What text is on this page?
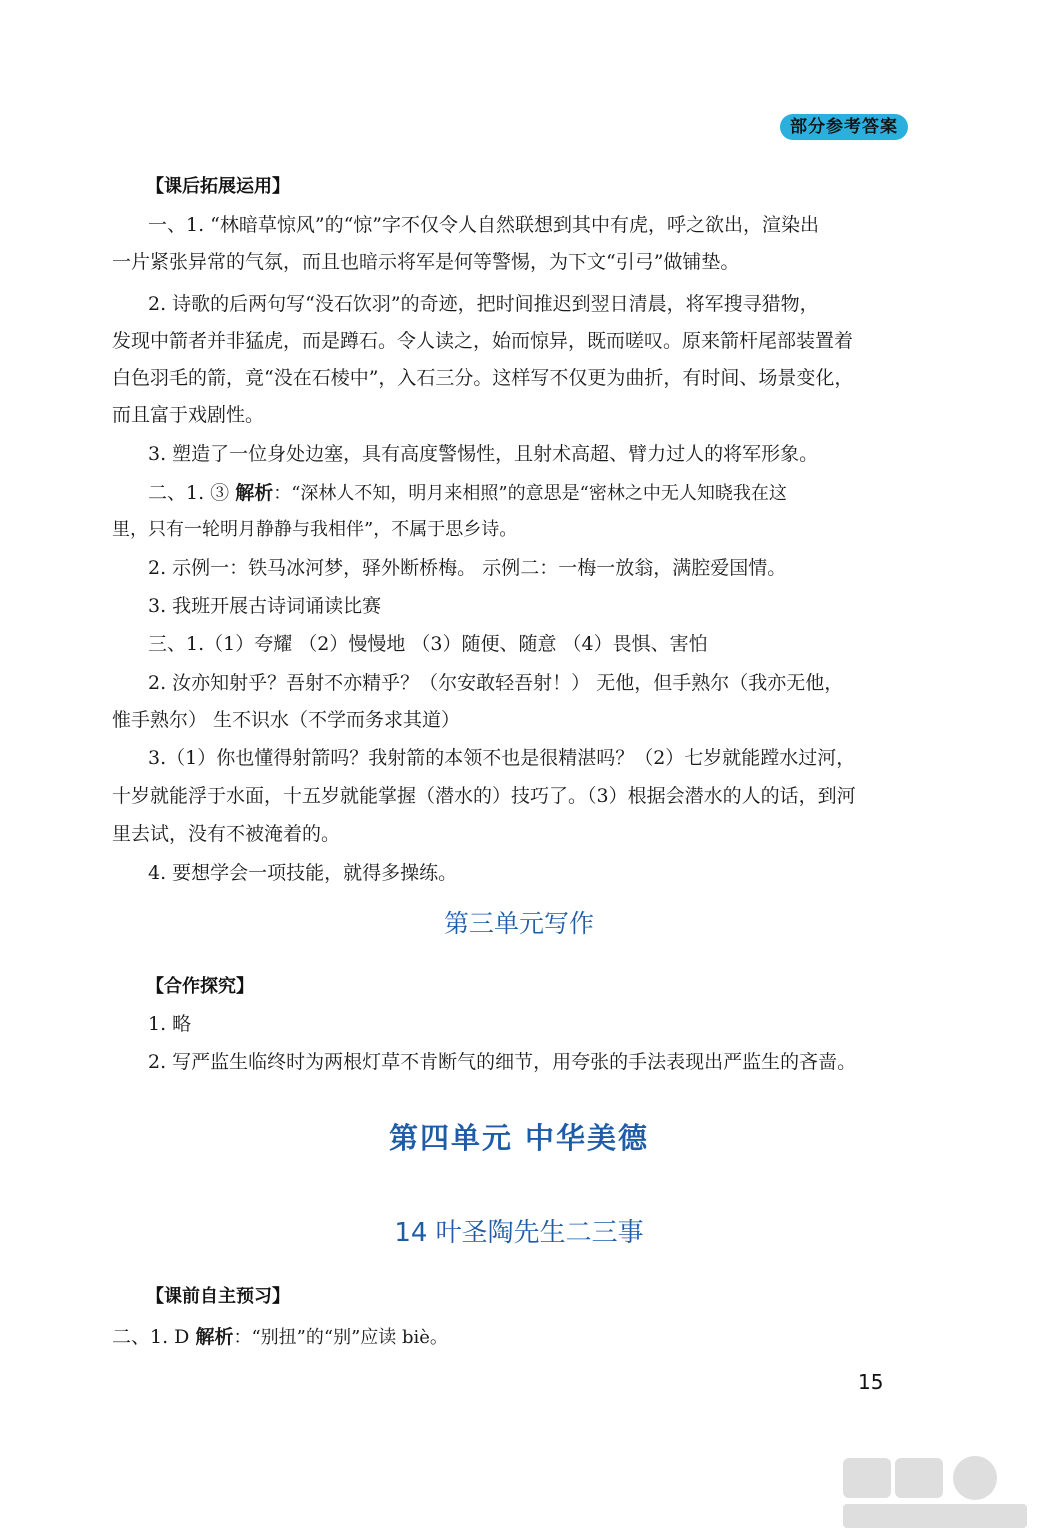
部分参考答案
【课后拓展运用】
一、1. “林暗草惊风”的“惊”字不仅令人自然联想到其中有虎，呼之欲出，渲染出
一片紧张异常的气氛，而且也暗示将军是何等警惕，为下文“引弓”做铺垫。
2. 诗歌的后两句写“没石饮羽”的奇迹，把时间推迟到翌日清晨，将军搜寻猎物，
发现中箭者并非猛虎，而是蹲石。令人读之，始而惊异，既而嗟叹。原来箭杆尾部装置着
白色羽毛的箭，竟“没在石棱中”，入石三分。这样写不仅更为曲折，有时间、场景变化，
而且富于戏剧性。
3. 塑造了一位身处边塞，具有高度警惕性，且射术高超、臂力过人的将军形象。
二、1. ③ 解析：“深林人不知，明月来相照”的意思是“密林之中无人知晓我在这
里，只有一轮明月静静与我相伴”，不属于思乡诗。
2. 示例一：铁马冰河梦，驿外断桥梅。 示例二：一梅一放翁，满腔爱国情。
3. 我班开展古诗词诵读比赛
三、1.（1）夸耀 （2）慢慢地 （3）随便、随意 （4）畏惧、害怕
2. 汝亦知射乎？吾射不亦精乎？（尔安敢轻吾射！） 无他，但手熟尔（我亦无他，
惟手熟尔） 生不识水（不学而务求其道）
3.（1）你也懂得射箭吗？我射箭的本领不也是很精湛吗？（2）七岁就能蹚水过河，
十岁就能浮于水面，十五岁就能掌握（潜水的）技巧了。（3）根据会潜水的人的话，到河
里去试，没有不被淹着的。
4. 要想学会一项技能，就得多操练。
第三单元写作
【合作探究】
1. 略
2. 写严监生临终时为两根灯草不肯断气的细节，用夸张的手法表现出严监生的吝啬。
第四单元 中华美德
14 叶圣陶先生二三事
【课前自主预习】
二、1. D 解析：“别扭”的“别”应读 biè。
15
